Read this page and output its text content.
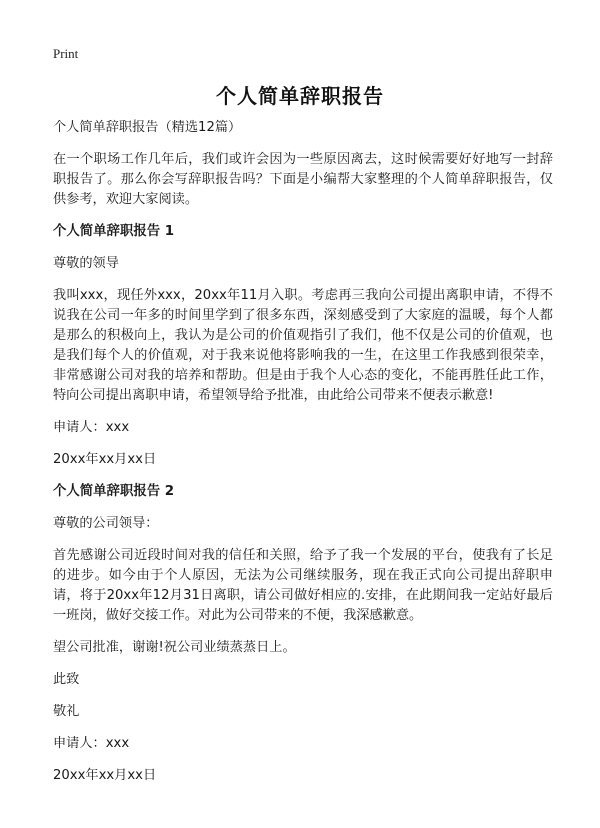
Print
个人简单辞职报告

个人简单辞职报告（精选12篇）

在一个职场工作几年后，我们或许会因为一些原因离去，这时候需要好好地写一封辞职报告了。那么你会写辞职报告吗？下面是小编帮大家整理的个人简单辞职报告，仅供参考，欢迎大家阅读。

个人简单辞职报告 1

尊敬的领导

我叫xxx，现任外xxx，20xx年11月入职。考虑再三我向公司提出离职申请，不得不说我在公司一年多的时间里学到了很多东西，深刻感受到了大家庭的温暖，每个人都是那么的积极向上，我认为是公司的价值观指引了我们，他不仅是公司的价值观，也是我们每个人的价值观，对于我来说他将影响我的一生，在这里工作我感到很荣幸，非常感谢公司对我的培养和帮助。但是由于我个人心态的变化，不能再胜任此工作，特向公司提出离职申请，希望领导给予批准，由此给公司带来不便表示歉意!

申请人：xxx

20xx年xx月xx日

个人简单辞职报告 2

尊敬的公司领导：

首先感谢公司近段时间对我的信任和关照，给予了我一个发展的平台，使我有了长足的进步。如今由于个人原因，无法为公司继续服务，现在我正式向公司提出辞职申请，将于20xx年12月31日离职，请公司做好相应的.安排，在此期间我一定站好最后一班岗，做好交接工作。对此为公司带来的不便，我深感歉意。

望公司批准，谢谢!祝公司业绩蒸蒸日上。

此致

敬礼

申请人：xxx

20xx年xx月xx日
